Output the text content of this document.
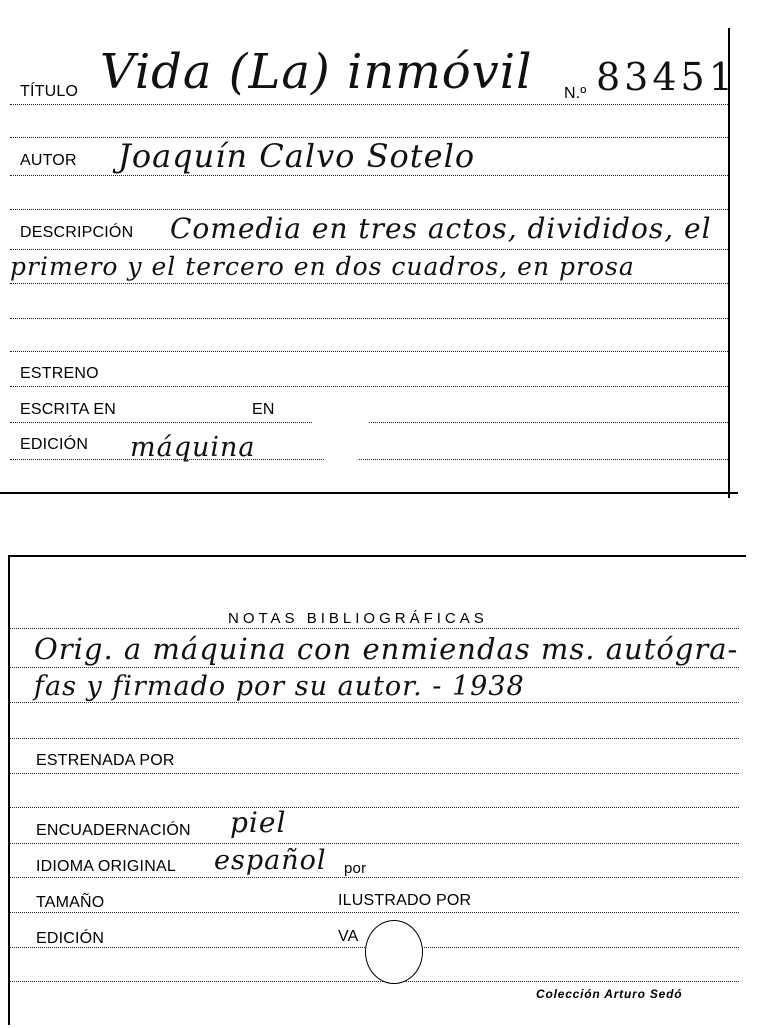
TÍTULO Vida (La) inmóvil N.º 83451
AUTOR Joaquín Calvo Sotelo
DESCRIPCIÓN Comedia en tres actos, divididos, el
primero y el tercero en dos cuadros, en prosa
ESTRENO
ESCRITA EN	EN
EDICIÓN máquina
NOTAS BIBLIOGRÁFICAS
Orig. a máquina con enmiendas ms. autógra-
fas y firmado por su autor. - 1938
ESTRENADA POR
ENCUADERNACIÓN piel
IDIOMA ORIGINAL español por
TAMAÑO	ILUSTRADO POR
EDICIÓN	VA
Colección Arturo Sedó
